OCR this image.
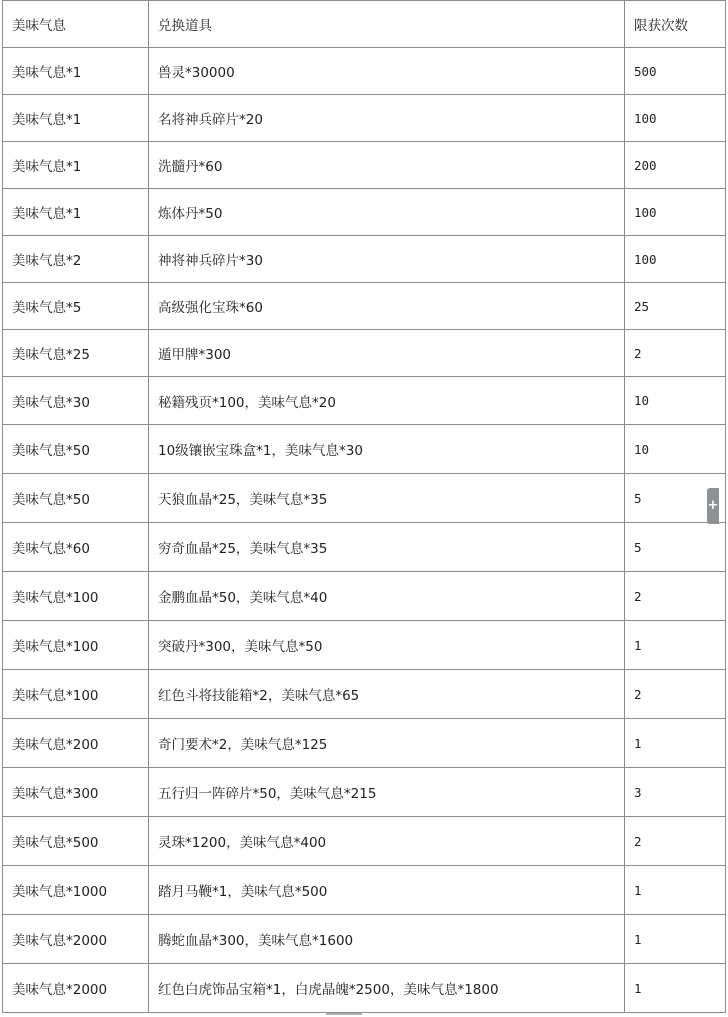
美味气息	兑换道具	限获次数
美味气息*1	兽灵*30000	500
美味气息*1	名将神兵碎片*20	100
美味气息*1	洗髓丹*60	200
美味气息*1	炼体丹*50	100
美味气息*2	神将神兵碎片*30	100
美味气息*5	高级强化宝珠*60	25
美味气息*25	遁甲牌*300	2
美味气息*30	秘籍残页*100，美味气息*20	10
美味气息*50	10级镶嵌宝珠盒*1，美味气息*30	10
美味气息*50	天狼血晶*25，美味气息*35	5
美味气息*60	穷奇血晶*25，美味气息*35	5
美味气息*100	金鹏血晶*50，美味气息*40	2
美味气息*100	突破丹*300，美味气息*50	1
美味气息*100	红色斗将技能箱*2，美味气息*65	2
美味气息*200	奇门要术*2，美味气息*125	1
美味气息*300	五行归一阵碎片*50，美味气息*215	3
美味气息*500	灵珠*1200，美味气息*400	2
美味气息*1000	踏月马鞭*1，美味气息*500	1
美味气息*2000	腾蛇血晶*300，美味气息*1600	1
美味气息*2000	红色白虎饰品宝箱*1，白虎晶魄*2500，美味气息*1800	1
+
